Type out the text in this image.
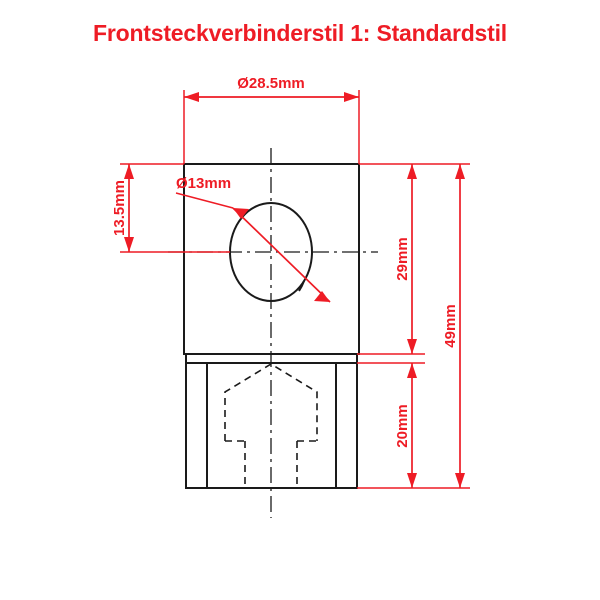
Frontsteckverbinderstil 1: Standardstil
Ø28.5mm
13.5mm	Ø13mm
29mm
20mm
49mm
